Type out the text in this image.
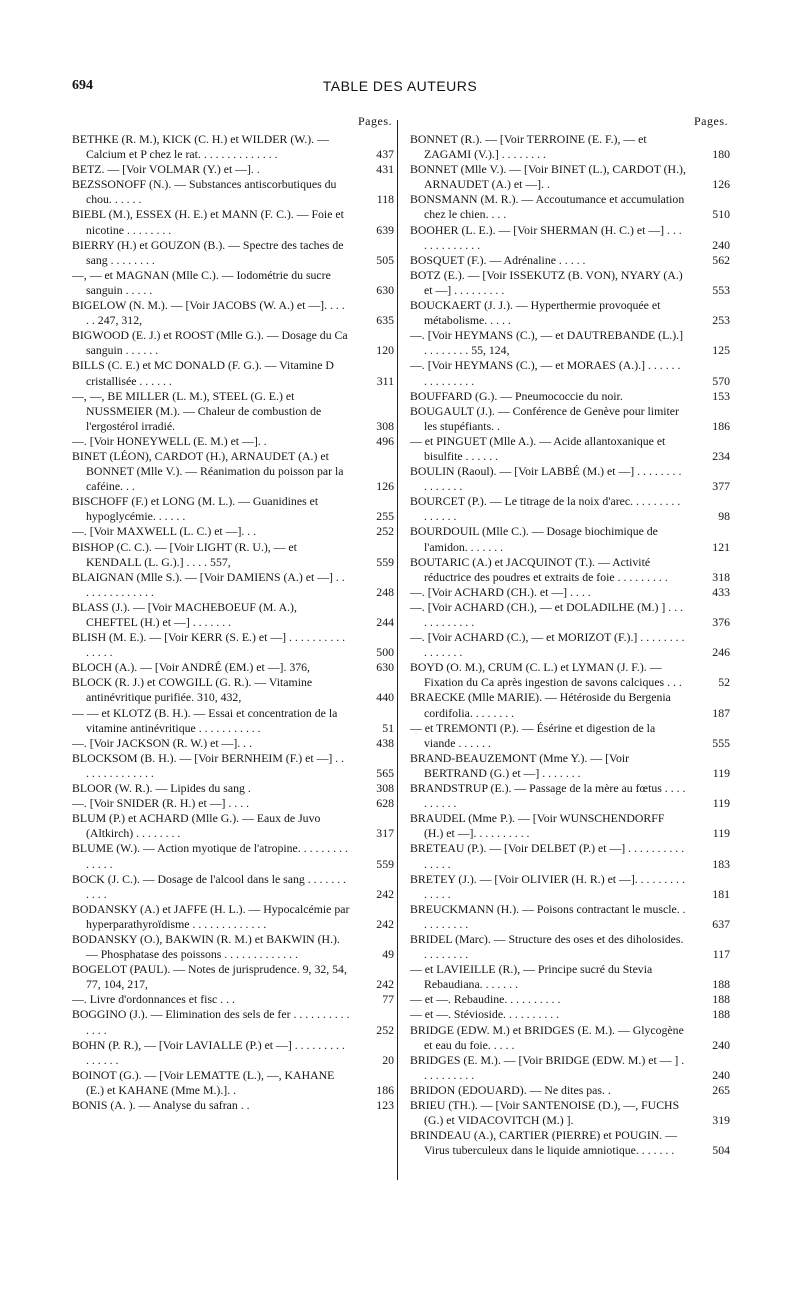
694	TABLE DES AUTEURS
Pages.
BETHKE (R. M.), KICK (C. H.) et WILDER (W.). — Calcium et P chez le rat. . . . . . . . . . . . . .	437
BETZ. — [Voir VOLMAR (Y.) et —]. .	431
BEZSSONOFF (N.). — Substances antiscorbutiques du chou. . . . . .	118
BIEBL (M.), ESSEX (H. E.) et MANN (F. C.). — Foie et nicotine . . . . . . . .	639
BIERRY (H.) et GOUZON (B.). — Spectre des taches de sang . . . . . . . .	505
—, — et MAGNAN (Mlle C.). — Iodométrie du sucre sanguin . . . . .	630
BIGELOW (N. M.). — [Voir JACOBS (W. A.) et —]. . . . . . 247, 312,	635
BIGWOOD (E. J.) et ROOST (Mlle G.). — Dosage du Ca sanguin . . . . . .	120
BILLS (C. E.) et MC DONALD (F. G.). — Vitamine D cristallisée . . . . . .	311
—, —, BE MILLER (L. M.), STEEL (G. E.) et NUSSMEIER (M.). — Chaleur de combustion de l'ergostérol irradié.	308
—. [Voir HONEYWELL (E. M.) et —]. .	496
BINET (LÉON), CARDOT (H.), ARNAUDET (A.) et BONNET (Mlle V.). — Réanimation du poisson par la caféine. . .	126
BISCHOFF (F.) et LONG (M. L.). — Guanidines et hypoglycémie. . . . . .	255
—. [Voir MAXWELL (L. C.) et —]. . .	252
BISHOP (C. C.). — [Voir LIGHT (R. U.), — et KENDALL (L. G.).] . . . . 557,	559
BLAIGNAN (Mlle S.). — [Voir DAMIENS (A.) et —] . . . . . . . . . . . . . .	248
BLASS (J.). — [Voir MACHEBOEUF (M. A.), CHEFTEL (H.) et —] . . . . . . .	244
BLISH (M. E.). — [Voir KERR (S. E.) et —] . . . . . . . . . . . . . . .	500
BLOCH (A.). — [Voir ANDRÉ (EM.) et —]. 376,	630
BLOCK (R. J.) et COWGILL (G. R.). — Vitamine antinévritique purifiée. 310, 432,	440
— — et KLOTZ (B. H.). — Essai et concentration de la vitamine antinévritique . . . . . . . . . . .	51
—. [Voir JACKSON (R. W.) et —]. . .	438
BLOCKSOM (B. H.). — [Voir BERNHEIM (F.) et —] . . . . . . . . . . . . . .	565
BLOOR (W. R.). — Lipides du sang .	308
—. [Voir SNIDER (R. H.) et —] . . . .	628
BLUM (P.) et ACHARD (Mlle G.). — Eaux de Juvo (Altkirch) . . . . . . . .	317
BLUME (W.). — Action myotique de l'atropine. . . . . . . . . . . . . .	559
BOCK (J. C.). — Dosage de l'alcool dans le sang . . . . . . . . . . .	242
BODANSKY (A.) et JAFFE (H. L.). — Hypocalcémie par hyperparathyroïdisme . . . . . . . . . . . . .	242
BODANSKY (O.), BAKWIN (R. M.) et BAKWIN (H.). — Phosphatase des poissons . . . . . . . . . . . . .	49
BOGELOT (PAUL). — Notes de jurisprudence. 9, 32, 54, 77, 104, 217,	242
—. Livre d'ordonnances et fisc . . .	77
BOGGINO (J.). — Elimination des sels de fer . . . . . . . . . . . . . .	252
BOHN (P. R.), — [Voir LAVIALLE (P.) et —] . . . . . . . . . . . . . . .	20
BOINOT (G.). — [Voir LEMATTE (L.), —, KAHANE (E.) et KAHANE (Mme M.).]. .	186
BONIS (A. ). — Analyse du safran . .	123
Pages.
BONNET (R.). — [Voir TERROINE (E. F.), — et ZAGAMI (V.).] . . . . . . . .	180
BONNET (Mlle V.). — [Voir BINET (L.), CARDOT (H.), ARNAUDET (A.) et —]. .	126
BONSMANN (M. R.). — Accoutumance et accumulation chez le chien. . . .	510
BOOHER (L. E.). — [Voir SHERMAN (H. C.) et —] . . . . . . . . . . . . .	240
BOSQUET (F.). — Adrénaline . . . . .	562
BOTZ (E.). — [Voir ISSEKUTZ (B. VON), NYARY (A.) et —] . . . . . . . . .	553
BOUCKAERT (J. J.). — Hyperthermie provoquée et métabolisme. . . . .	253
—. [Voir HEYMANS (C.), — et DAUTREBANDE (L.).] . . . . . . . . 55, 124,	125
—. [Voir HEYMANS (C.), — et MORAES (A.).] . . . . . . . . . . . . . . .	570
BOUFFARD (G.). — Pneumococcie du noir.	153
BOUGAULT (J.). — Conférence de Genève pour limiter les stupéfiants. .	186
— et PINGUET (Mlle A.). — Acide allantoxanique et bisulfite . . . . . .	234
BOULIN (Raoul). — [Voir LABBÉ (M.) et —] . . . . . . . . . . . . . . .	377
BOURCET (P.). — Le titrage de la noix d'arec. . . . . . . . . . . . . . .	98
BOURDOUIL (Mlle C.). — Dosage biochimique de l'amidon. . . . . . .	121
BOUTARIC (A.) et JACQUINOT (T.). — Activité réductrice des poudres et extraits de foie . . . . . . . . .	318
—. [Voir ACHARD (CH.). et —] . . . .	433
—. [Voir ACHARD (CH.), — et DOLADILHE (M.) ] . . . . . . . . . . . .	376
—. [Voir ACHARD (C.), — et MORIZOT (F.).] . . . . . . . . . . . . . . .	246
BOYD (O. M.), CRUM (C. L.) et LYMAN (J. F.). — Fixation du Ca après ingestion de savons calciques . . .	52
BRAECKE (Mlle MARIE). — Hétéroside du Bergenia cordifolia. . . . . . . .	187
— et TREMONTI (P.). — Ésérine et digestion de la viande . . . . . .	555
BRAND-BEAUZEMONT (Mme Y.). — [Voir BERTRAND (G.) et —] . . . . . . .	119
BRANDSTRUP (E.). — Passage de la mère au fœtus . . . . . . . . . .	119
BRAUDEL (Mme P.). — [Voir WUNSCHENDORFF (H.) et —]. . . . . . . . . .	119
BRETEAU (P.). — [Voir DELBET (P.) et —] . . . . . . . . . . . . . . .	183
BRETEY (J.). — [Voir OLIVIER (H. R.) et —]. . . . . . . . . . . . . .	181
BREUCKMANN (H.). — Poisons contractant le muscle. . . . . . . . . .	637
BRIDEL (Marc). — Structure des oses et des diholosides. . . . . . . . .	117
— et LAVIEILLE (R.), — Principe sucré du Stevia Rebaudiana. . . . . . .	188
— et —. Rebaudine. . . . . . . . . .	188
— et —. Stévioside. . . . . . . . . .	188
BRIDGE (EDW. M.) et BRIDGES (E. M.). — Glycogène et eau du foie. . . . .	240
BRIDGES (E. M.). — [Voir BRIDGE (EDW. M.) et — ] . . . . . . . . . .	240
BRIDON (EDOUARD). — Ne dites pas. .	265
BRIEU (TH.). — [Voir SANTENOISE (D.), —, FUCHS (G.) et VIDACOVITCH (M.) ].	319
BRINDEAU (A.), CARTIER (PIERRE) et POUGIN. — Virus tuberculeux dans le liquide amniotique. . . . . . .	504
